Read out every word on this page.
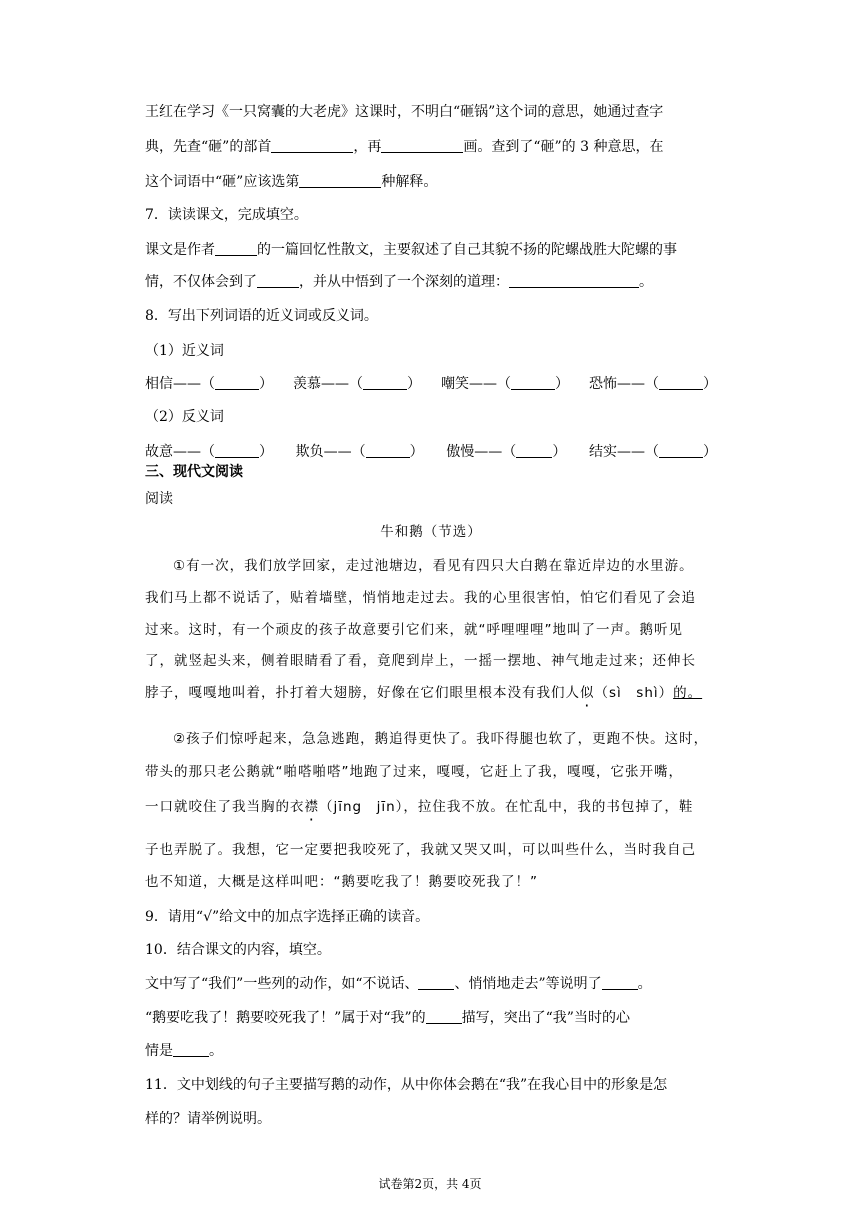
王红在学习《一只窝囊的大老虎》这课时，不明白“砸锅”这个词的意思，她通过查字
典，先查“砸”的部首	，再	画。查到了“砸”的 3 种意思，在
这个词语中“砸”应该选第	种解释。
7．读读课文，完成填空。
课文是作者	的一篇回忆性散文，主要叙述了自己其貌不扬的陀螺战胜大陀螺的事
情，不仅体会到了	，并从中悟到了一个深刻的道理：	。
8．写出下列词语的近义词或反义词。
（1）近义词
相信——（	） 羡慕——（	） 嘲笑——（	） 恐怖——（	）
（2）反义词
故意——（	） 欺负——（	） 傲慢——（	） 结实——（	）
三、现代文阅读
阅读
牛和鹅（节选）
①有一次，我们放学回家，走过池塘边，看见有四只大白鹅在靠近岸边的水里游。
我们马上都不说话了，贴着墙壁，悄悄地走过去。我的心里很害怕，怕它们看见了会追
过来。这时，有一个顽皮的孩子故意要引它们来，就“呼哩哩哩”地叫了一声。鹅听见
了，就竖起头来，侧着眼睛看了看，竟爬到岸上，一摇一摆地、神气地走过来；还伸长
脖子，嘎嘎地叫着，扑打着大翅膀，好像在它们眼里根本没有我们人似（sì　shì）的。
②孩子们惊呼起来，急急逃跑，鹅追得更快了。我吓得腿也软了，更跑不快。这时，
带头的那只老公鹅就“啪嗒啪嗒”地跑了过来，嘎嘎，它赶上了我，嘎嘎，它张开嘴，
一口就咬住了我当胸的衣襟（jīng　jīn），拉住我不放。在忙乱中，我的书包掉了，鞋
子也弄脱了。我想，它一定要把我咬死了，我就又哭又叫，可以叫些什么，当时我自己
也不知道，大概是这样叫吧：“鹅要吃我了！鹅要咬死我了！”
9．请用“√”给文中的加点字选择正确的读音。
10．结合课文的内容，填空。
文中写了“我们”一些列的动作，如“不说话、	、悄悄地走去”等说明了	。
“鹅要吃我了！鹅要咬死我了！”属于对“我”的	描写，突出了“我”当时的心
情是	。
11．文中划线的句子主要描写鹅的动作，从中你体会鹅在“我”在我心目中的形象是怎
样的？请举例说明。
试卷第2页，共 4页
